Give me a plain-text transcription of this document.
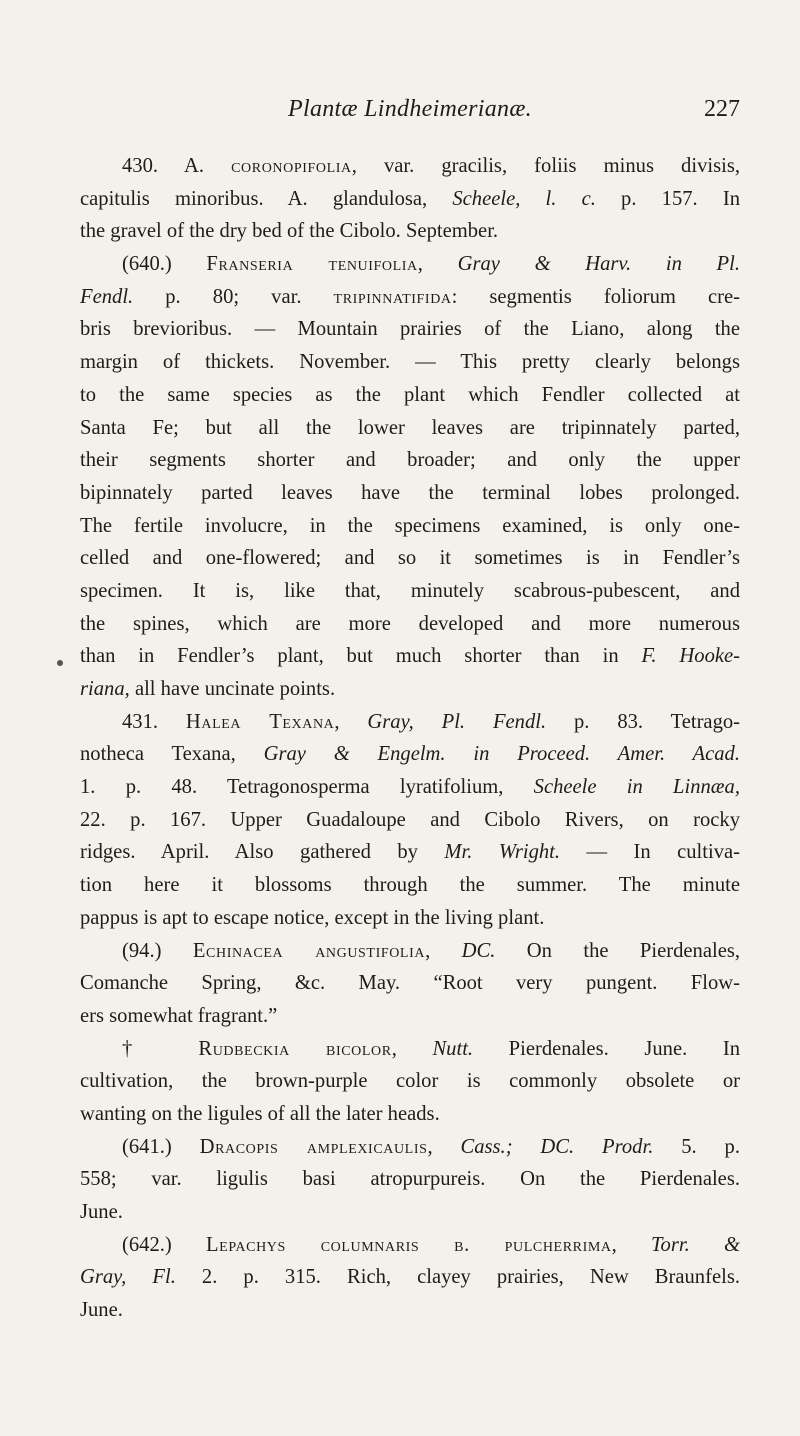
Plantæ Lindheimerianæ.	227
430. A. coronopifolia, var. gracilis, foliis minus divisis,
capitulis minoribus. A. glandulosa, Scheele, l. c. p. 157. In
the gravel of the dry bed of the Cibolo. September.
(640.) Franseria tenuifolia, Gray & Harv. in Pl.
Fendl. p. 80; var. tripinnatifida: segmentis foliorum cre-
bris brevioribus. — Mountain prairies of the Liano, along the
margin of thickets. November. — This pretty clearly belongs
to the same species as the plant which Fendler collected at
Santa Fe; but all the lower leaves are tripinnately parted,
their segments shorter and broader; and only the upper
bipinnately parted leaves have the terminal lobes prolonged.
The fertile involucre, in the specimens examined, is only one-
celled and one-flowered; and so it sometimes is in Fendler’s
specimen. It is, like that, minutely scabrous-pubescent, and
the spines, which are more developed and more numerous
than in Fendler’s plant, but much shorter than in F. Hooke-
riana, all have uncinate points.
431. Halea Texana, Gray, Pl. Fendl. p. 83. Tetrago-
notheca Texana, Gray & Engelm. in Proceed. Amer. Acad.
1. p. 48. Tetragonosperma lyratifolium, Scheele in Linnæa,
22. p. 167. Upper Guadaloupe and Cibolo Rivers, on rocky
ridges. April. Also gathered by Mr. Wright. — In cultiva-
tion here it blossoms through the summer. The minute
pappus is apt to escape notice, except in the living plant.
(94.) Echinacea angustifolia, DC. On the Pierdenales,
Comanche Spring, &c. May. “Root very pungent. Flow-
ers somewhat fragrant.”
† Rudbeckia bicolor, Nutt. Pierdenales. June. In
cultivation, the brown-purple color is commonly obsolete or
wanting on the ligules of all the later heads.
(641.) Dracopis amplexicaulis, Cass.; DC. Prodr. 5. p.
558; var. ligulis basi atropurpureis. On the Pierdenales.
June.
(642.) Lepachys columnaris β. pulcherrima, Torr. &
Gray, Fl. 2. p. 315. Rich, clayey prairies, New Braunfels.
June.
